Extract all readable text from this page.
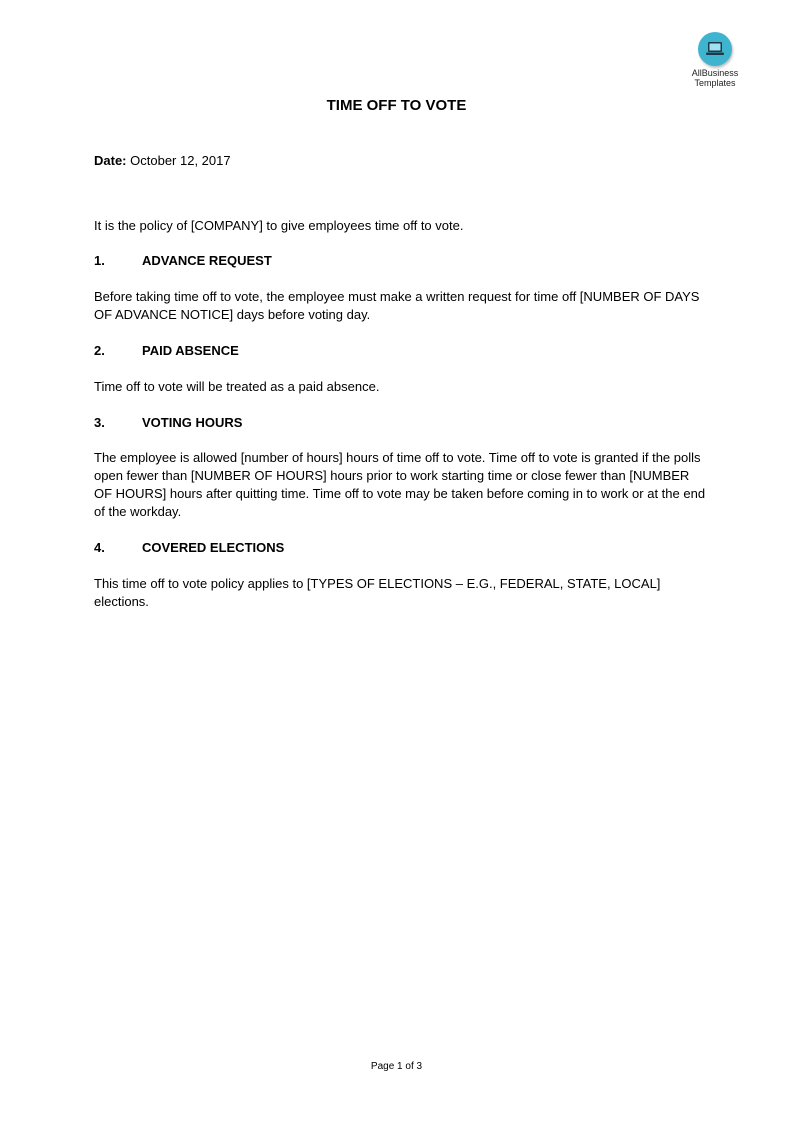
AllBusiness
Templates
TIME OFF TO VOTE
Date: October 12, 2017
It is the policy of [COMPANY] to give employees time off to vote.
1.	ADVANCE REQUEST
Before taking time off to vote, the employee must make a written request for time off [NUMBER OF DAYS OF ADVANCE NOTICE] days before voting day.
2.	PAID ABSENCE
Time off to vote will be treated as a paid absence.
3.	VOTING HOURS
The employee is allowed [number of hours] hours of time off to vote. Time off to vote is granted if the polls open fewer than [NUMBER OF HOURS] hours prior to work starting time or close fewer than [NUMBER OF HOURS] hours after quitting time. Time off to vote may be taken before coming in to work or at the end of the workday.
4.	COVERED ELECTIONS
This time off to vote policy applies to [TYPES OF ELECTIONS – E.G., FEDERAL, STATE, LOCAL] elections.
Page 1 of 3
